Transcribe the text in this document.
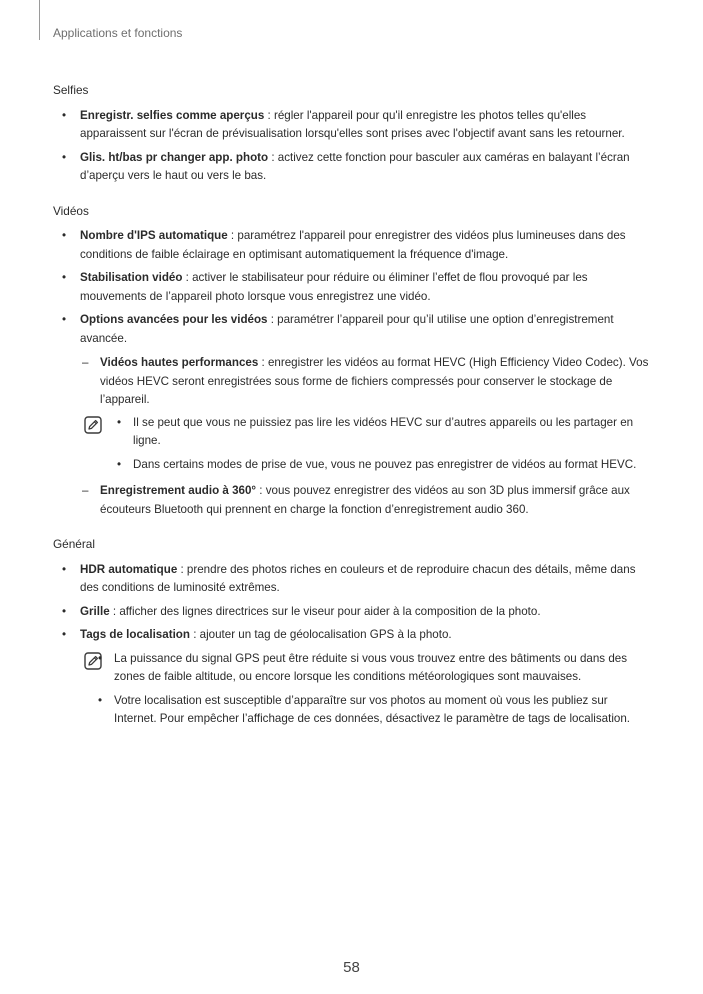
Applications et fonctions
Selfies
• Enregistr. selfies comme aperçus : régler l'appareil pour qu'il enregistre les photos telles qu'elles apparaissent sur l'écran de prévisualisation lorsqu'elles sont prises avec l'objectif avant sans les retourner.
• Glis. ht/bas pr changer app. photo : activez cette fonction pour basculer aux caméras en balayant l’écran d’aperçu vers le haut ou vers le bas.
Vidéos
• Nombre d'IPS automatique : paramétrez l'appareil pour enregistrer des vidéos plus lumineuses dans des conditions de faible éclairage en optimisant automatiquement la fréquence d'image.
• Stabilisation vidéo : activer le stabilisateur pour réduire ou éliminer l’effet de flou provoqué par les mouvements de l’appareil photo lorsque vous enregistrez une vidéo.
• Options avancées pour les vidéos : paramétrer l’appareil pour qu’il utilise une option d’enregistrement avancée.
– Vidéos hautes performances : enregistrer les vidéos au format HEVC (High Efficiency Video Codec). Vos vidéos HEVC seront enregistrées sous forme de fichiers compressés pour conserver le stockage de l’appareil.
• Il se peut que vous ne puissiez pas lire les vidéos HEVC sur d’autres appareils ou les partager en ligne.
• Dans certains modes de prise de vue, vous ne pouvez pas enregistrer de vidéos au format HEVC.
– Enregistrement audio à 360° : vous pouvez enregistrer des vidéos au son 3D plus immersif grâce aux écouteurs Bluetooth qui prennent en charge la fonction d’enregistrement audio 360.
Général
• HDR automatique : prendre des photos riches en couleurs et de reproduire chacun des détails, même dans des conditions de luminosité extrêmes.
• Grille : afficher des lignes directrices sur le viseur pour aider à la composition de la photo.
• Tags de localisation : ajouter un tag de géolocalisation GPS à la photo.
• La puissance du signal GPS peut être réduite si vous vous trouvez entre des bâtiments ou dans des zones de faible altitude, ou encore lorsque les conditions météorologiques sont mauvaises.
• Votre localisation est susceptible d’apparaître sur vos photos au moment où vous les publiez sur Internet. Pour empêcher l’affichage de ces données, désactivez le paramètre de tags de localisation.
58
